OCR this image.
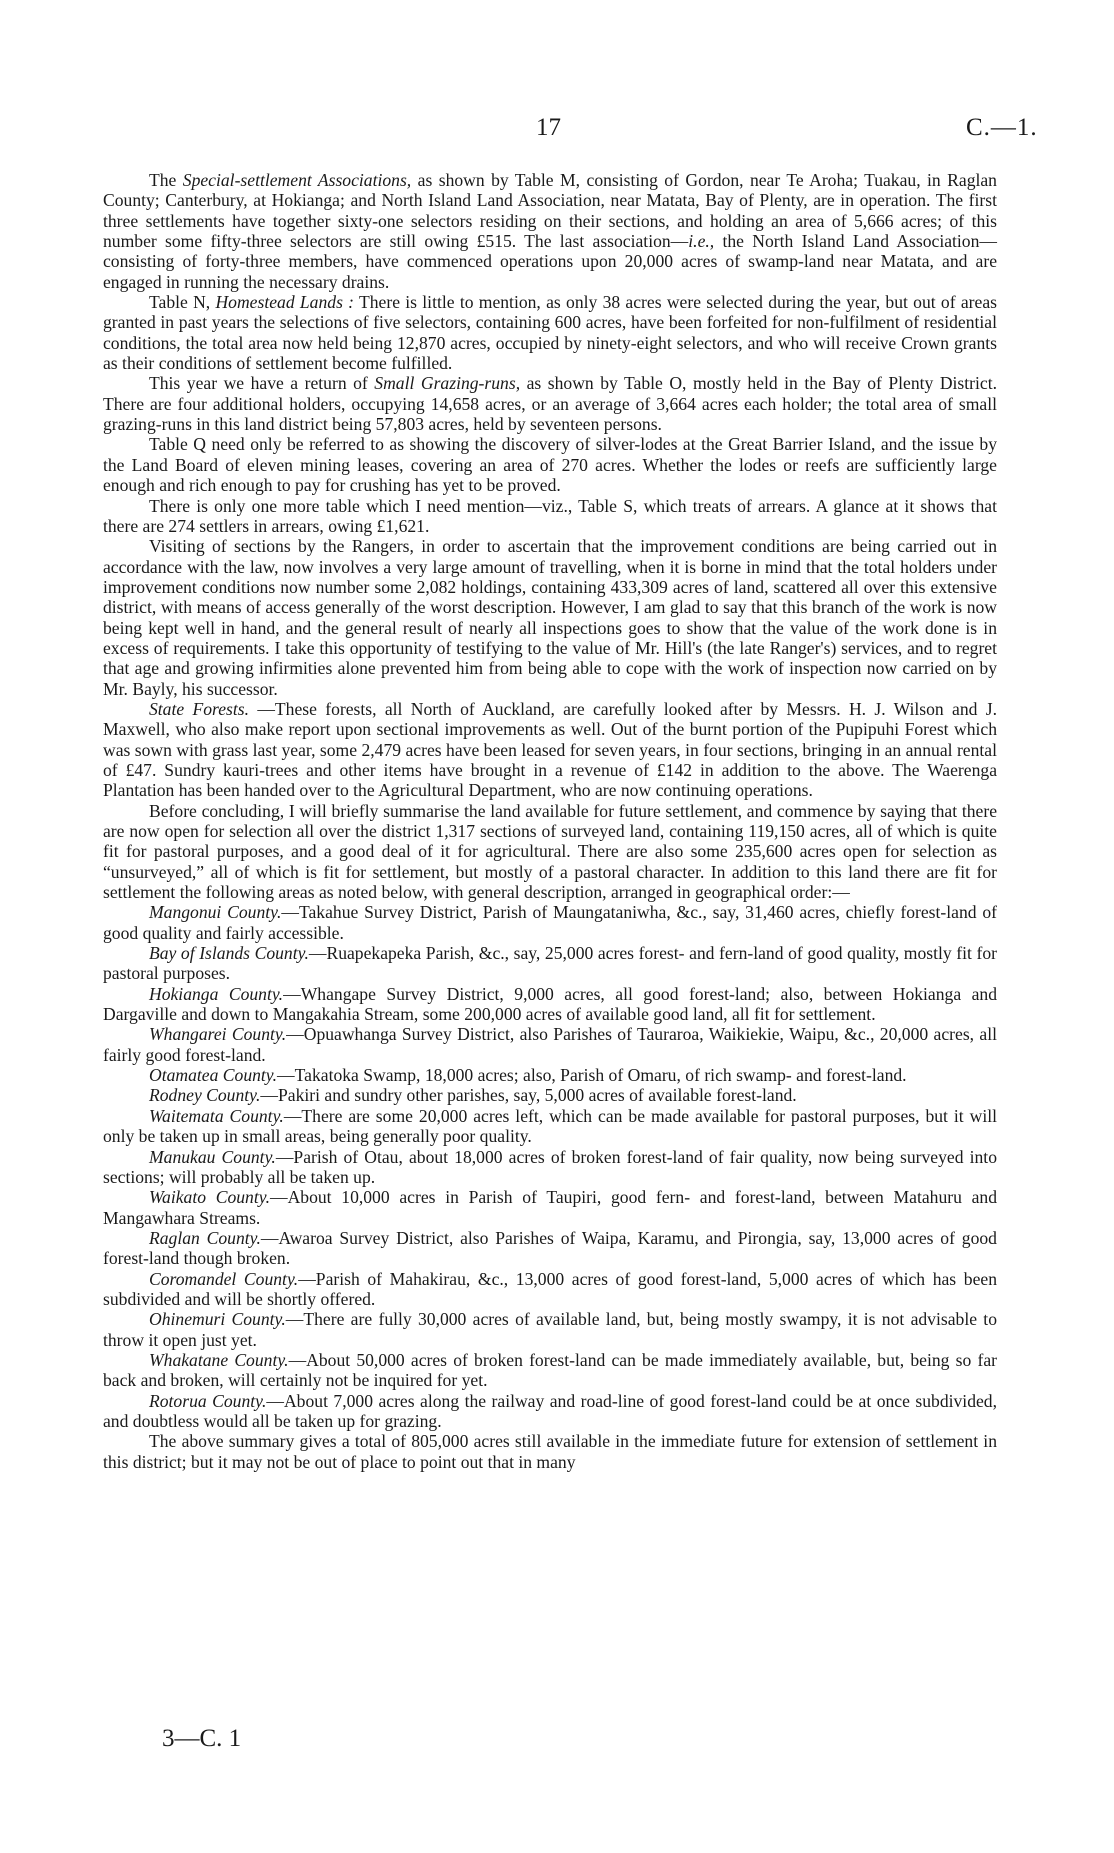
17	C.—1.

The Special-settlement Associations, as shown by Table M, consisting of Gordon, near Te Aroha; Tuakau, in Raglan County; Canterbury, at Hokianga; and North Island Land Association, near Matata, Bay of Plenty, are in operation. The first three settlements have together sixty-one selectors residing on their sections, and holding an area of 5,666 acres; of this number some fifty-three selectors are still owing £515. The last association—i.e., the North Island Land Association—consisting of forty-three members, have commenced operations upon 20,000 acres of swamp-land near Matata, and are engaged in running the necessary drains.

Table N, Homestead Lands : There is little to mention, as only 38 acres were selected during the year, but out of areas granted in past years the selections of five selectors, containing 600 acres, have been forfeited for non-fulfilment of residential conditions, the total area now held being 12,870 acres, occupied by ninety-eight selectors, and who will receive Crown grants as their conditions of settlement become fulfilled.

This year we have a return of Small Grazing-runs, as shown by Table O, mostly held in the Bay of Plenty District. There are four additional holders, occupying 14,658 acres, or an average of 3,664 acres each holder; the total area of small grazing-runs in this land district being 57,803 acres, held by seventeen persons.

Table Q need only be referred to as showing the discovery of silver-lodes at the Great Barrier Island, and the issue by the Land Board of eleven mining leases, covering an area of 270 acres. Whether the lodes or reefs are sufficiently large enough and rich enough to pay for crushing has yet to be proved.

There is only one more table which I need mention—viz., Table S, which treats of arrears. A glance at it shows that there are 274 settlers in arrears, owing £1,621.

Visiting of sections by the Rangers, in order to ascertain that the improvement conditions are being carried out in accordance with the law, now involves a very large amount of travelling, when it is borne in mind that the total holders under improvement conditions now number some 2,082 holdings, containing 433,309 acres of land, scattered all over this extensive district, with means of access generally of the worst description. However, I am glad to say that this branch of the work is now being kept well in hand, and the general result of nearly all inspections goes to show that the value of the work done is in excess of requirements. I take this opportunity of testifying to the value of Mr. Hill's (the late Ranger's) services, and to regret that age and growing infirmities alone prevented him from being able to cope with the work of inspection now carried on by Mr. Bayly, his successor.

State Forests. —These forests, all North of Auckland, are carefully looked after by Messrs. H. J. Wilson and J. Maxwell, who also make report upon sectional improvements as well. Out of the burnt portion of the Pupipuhi Forest which was sown with grass last year, some 2,479 acres have been leased for seven years, in four sections, bringing in an annual rental of £47. Sundry kauri-trees and other items have brought in a revenue of £142 in addition to the above. The Waerenga Plantation has been handed over to the Agricultural Department, who are now continuing operations.

Before concluding, I will briefly summarise the land available for future settlement, and commence by saying that there are now open for selection all over the district 1,317 sections of surveyed land, containing 119,150 acres, all of which is quite fit for pastoral purposes, and a good deal of it for agricultural. There are also some 235,600 acres open for selection as “unsurveyed,” all of which is fit for settlement, but mostly of a pastoral character. In addition to this land there are fit for settlement the following areas as noted below, with general description, arranged in geographical order:—

Mangonui County.—Takahue Survey District, Parish of Maungataniwha, &c., say, 31,460 acres, chiefly forest-land of good quality and fairly accessible.

Bay of Islands County.—Ruapekapeka Parish, &c., say, 25,000 acres forest- and fern-land of good quality, mostly fit for pastoral purposes.

Hokianga County.—Whangape Survey District, 9,000 acres, all good forest-land; also, between Hokianga and Dargaville and down to Mangakahia Stream, some 200,000 acres of available good land, all fit for settlement.

Whangarei County.—Opuawhanga Survey District, also Parishes of Tauraroa, Waikiekie, Waipu, &c., 20,000 acres, all fairly good forest-land.

Otamatea County.—Takatoka Swamp, 18,000 acres; also, Parish of Omaru, of rich swamp- and forest-land.

Rodney County.—Pakiri and sundry other parishes, say, 5,000 acres of available forest-land.

Waitemata County.—There are some 20,000 acres left, which can be made available for pastoral purposes, but it will only be taken up in small areas, being generally poor quality.

Manukau County.—Parish of Otau, about 18,000 acres of broken forest-land of fair quality, now being surveyed into sections; will probably all be taken up.

Waikato County.—About 10,000 acres in Parish of Taupiri, good fern- and forest-land, between Matahuru and Mangawhara Streams.

Raglan County.—Awaroa Survey District, also Parishes of Waipa, Karamu, and Pirongia, say, 13,000 acres of good forest-land though broken.

Coromandel County.—Parish of Mahakirau, &c., 13,000 acres of good forest-land, 5,000 acres of which has been subdivided and will be shortly offered.

Ohinemuri County.—There are fully 30,000 acres of available land, but, being mostly swampy, it is not advisable to throw it open just yet.

Whakatane County.—About 50,000 acres of broken forest-land can be made immediately available, but, being so far back and broken, will certainly not be inquired for yet.

Rotorua County.—About 7,000 acres along the railway and road-line of good forest-land could be at once subdivided, and doubtless would all be taken up for grazing.

The above summary gives a total of 805,000 acres still available in the immediate future for extension of settlement in this district; but it may not be out of place to point out that in many

3—C. 1
